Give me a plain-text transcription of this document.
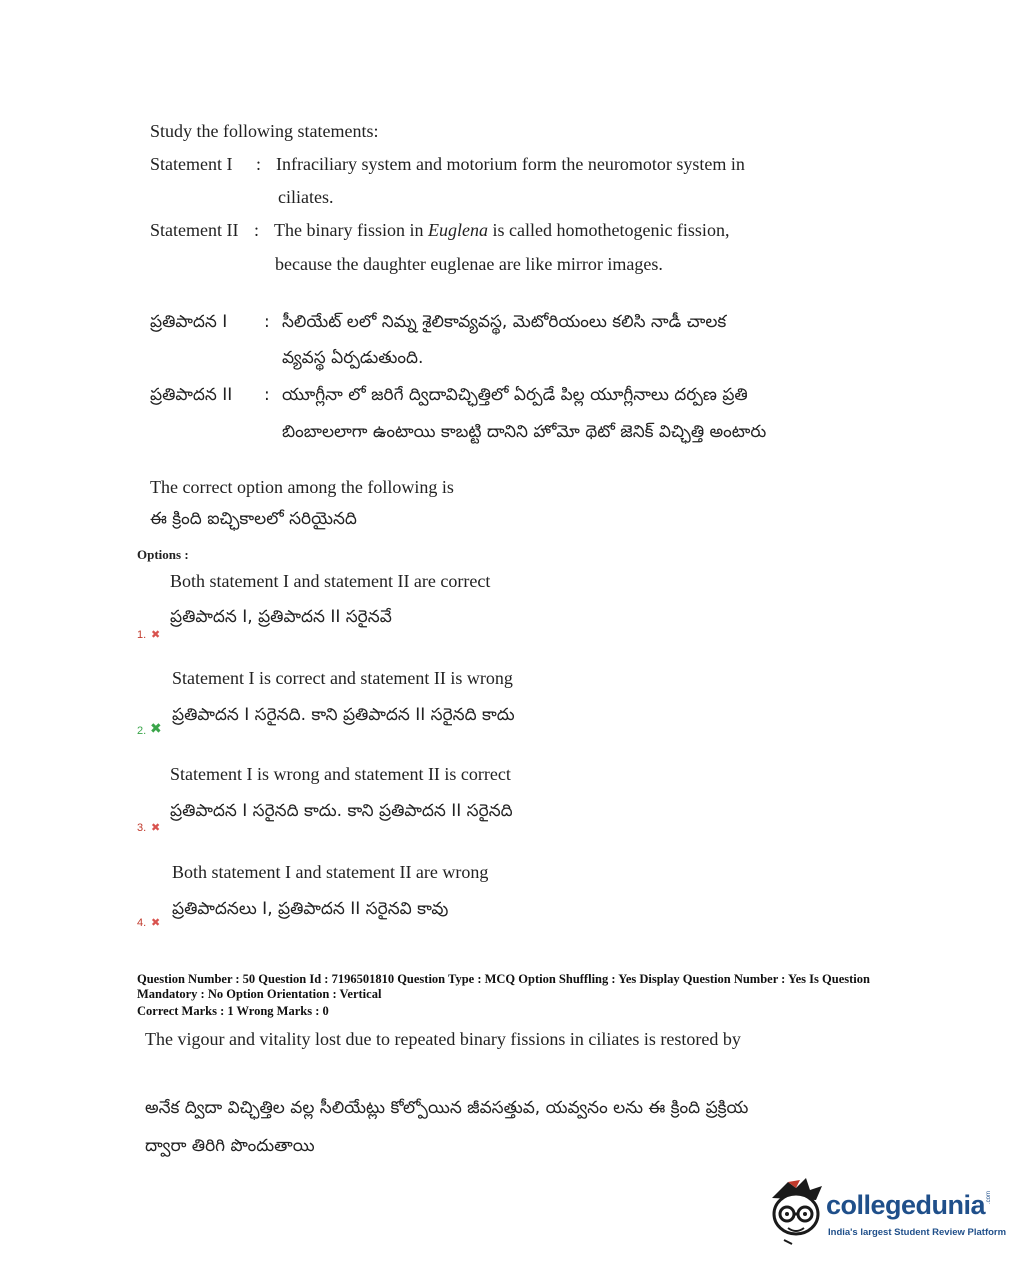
Study the following statements:
Statement I : Infraciliary system and motorium form the neuromotor system in
ciliates.
Statement II : The binary fission in Euglena is called homothetogenic fission,
because the daughter euglenae are like mirror images.
ప్రతిపాదన I : సీలియేట్ లలో నిమ్న శైలికావ్యవస్థ, మెటోరియంలు కలిసి నాడీ చాలక
వ్యవస్థ ఏర్పడుతుంది.
ప్రతిపాదన II : యూగ్లీనా లో జరిగే ద్విదావిచ్ఛిత్తిలో ఏర్పడే పిల్ల యూగ్లీనాలు దర్పణ ప్రతి
బింబాలలాగా ఉంటాయి కాబట్టి దానిని హోమో థెటో జెనిక్ విచ్ఛిత్తి అంటారు
The correct option among the following is
ఈ క్రింది ఐచ్ఛికాలలో సరియైనది
Options :
Both statement I and statement II are correct
ప్రతిపాదన I, ప్రతిపాదన II సరైనవే
1. ✖
Statement I is correct and statement II is wrong
ప్రతిపాదన I సరైనది. కాని ప్రతిపాదన II సరైనది కాదు
2. ✖
Statement I is wrong and statement II is correct
ప్రతిపాదన I సరైనది కాదు. కాని ప్రతిపాదన II సరైనది
3. ✖
Both statement I and statement II are wrong
ప్రతిపాదనలు I, ప్రతిపాదన II సరైనవి కావు
4. ✖
Question Number : 50 Question Id : 7196501810 Question Type : MCQ Option Shuffling : Yes Display Question Number : Yes Is Question
Mandatory : No Option Orientation : Vertical
Correct Marks : 1 Wrong Marks : 0
The vigour and vitality lost due to repeated binary fissions in ciliates is restored by
అనేక ద్విదా విచ్ఛిత్తిల వల్ల సీలియేట్లు కోల్పోయిన జీవసత్తువ, యవ్వనం లను ఈ క్రింది ప్రక్రియ
ద్వారా తిరిగి పొందుతాయి
collegedunia .com
India's largest Student Review Platform
